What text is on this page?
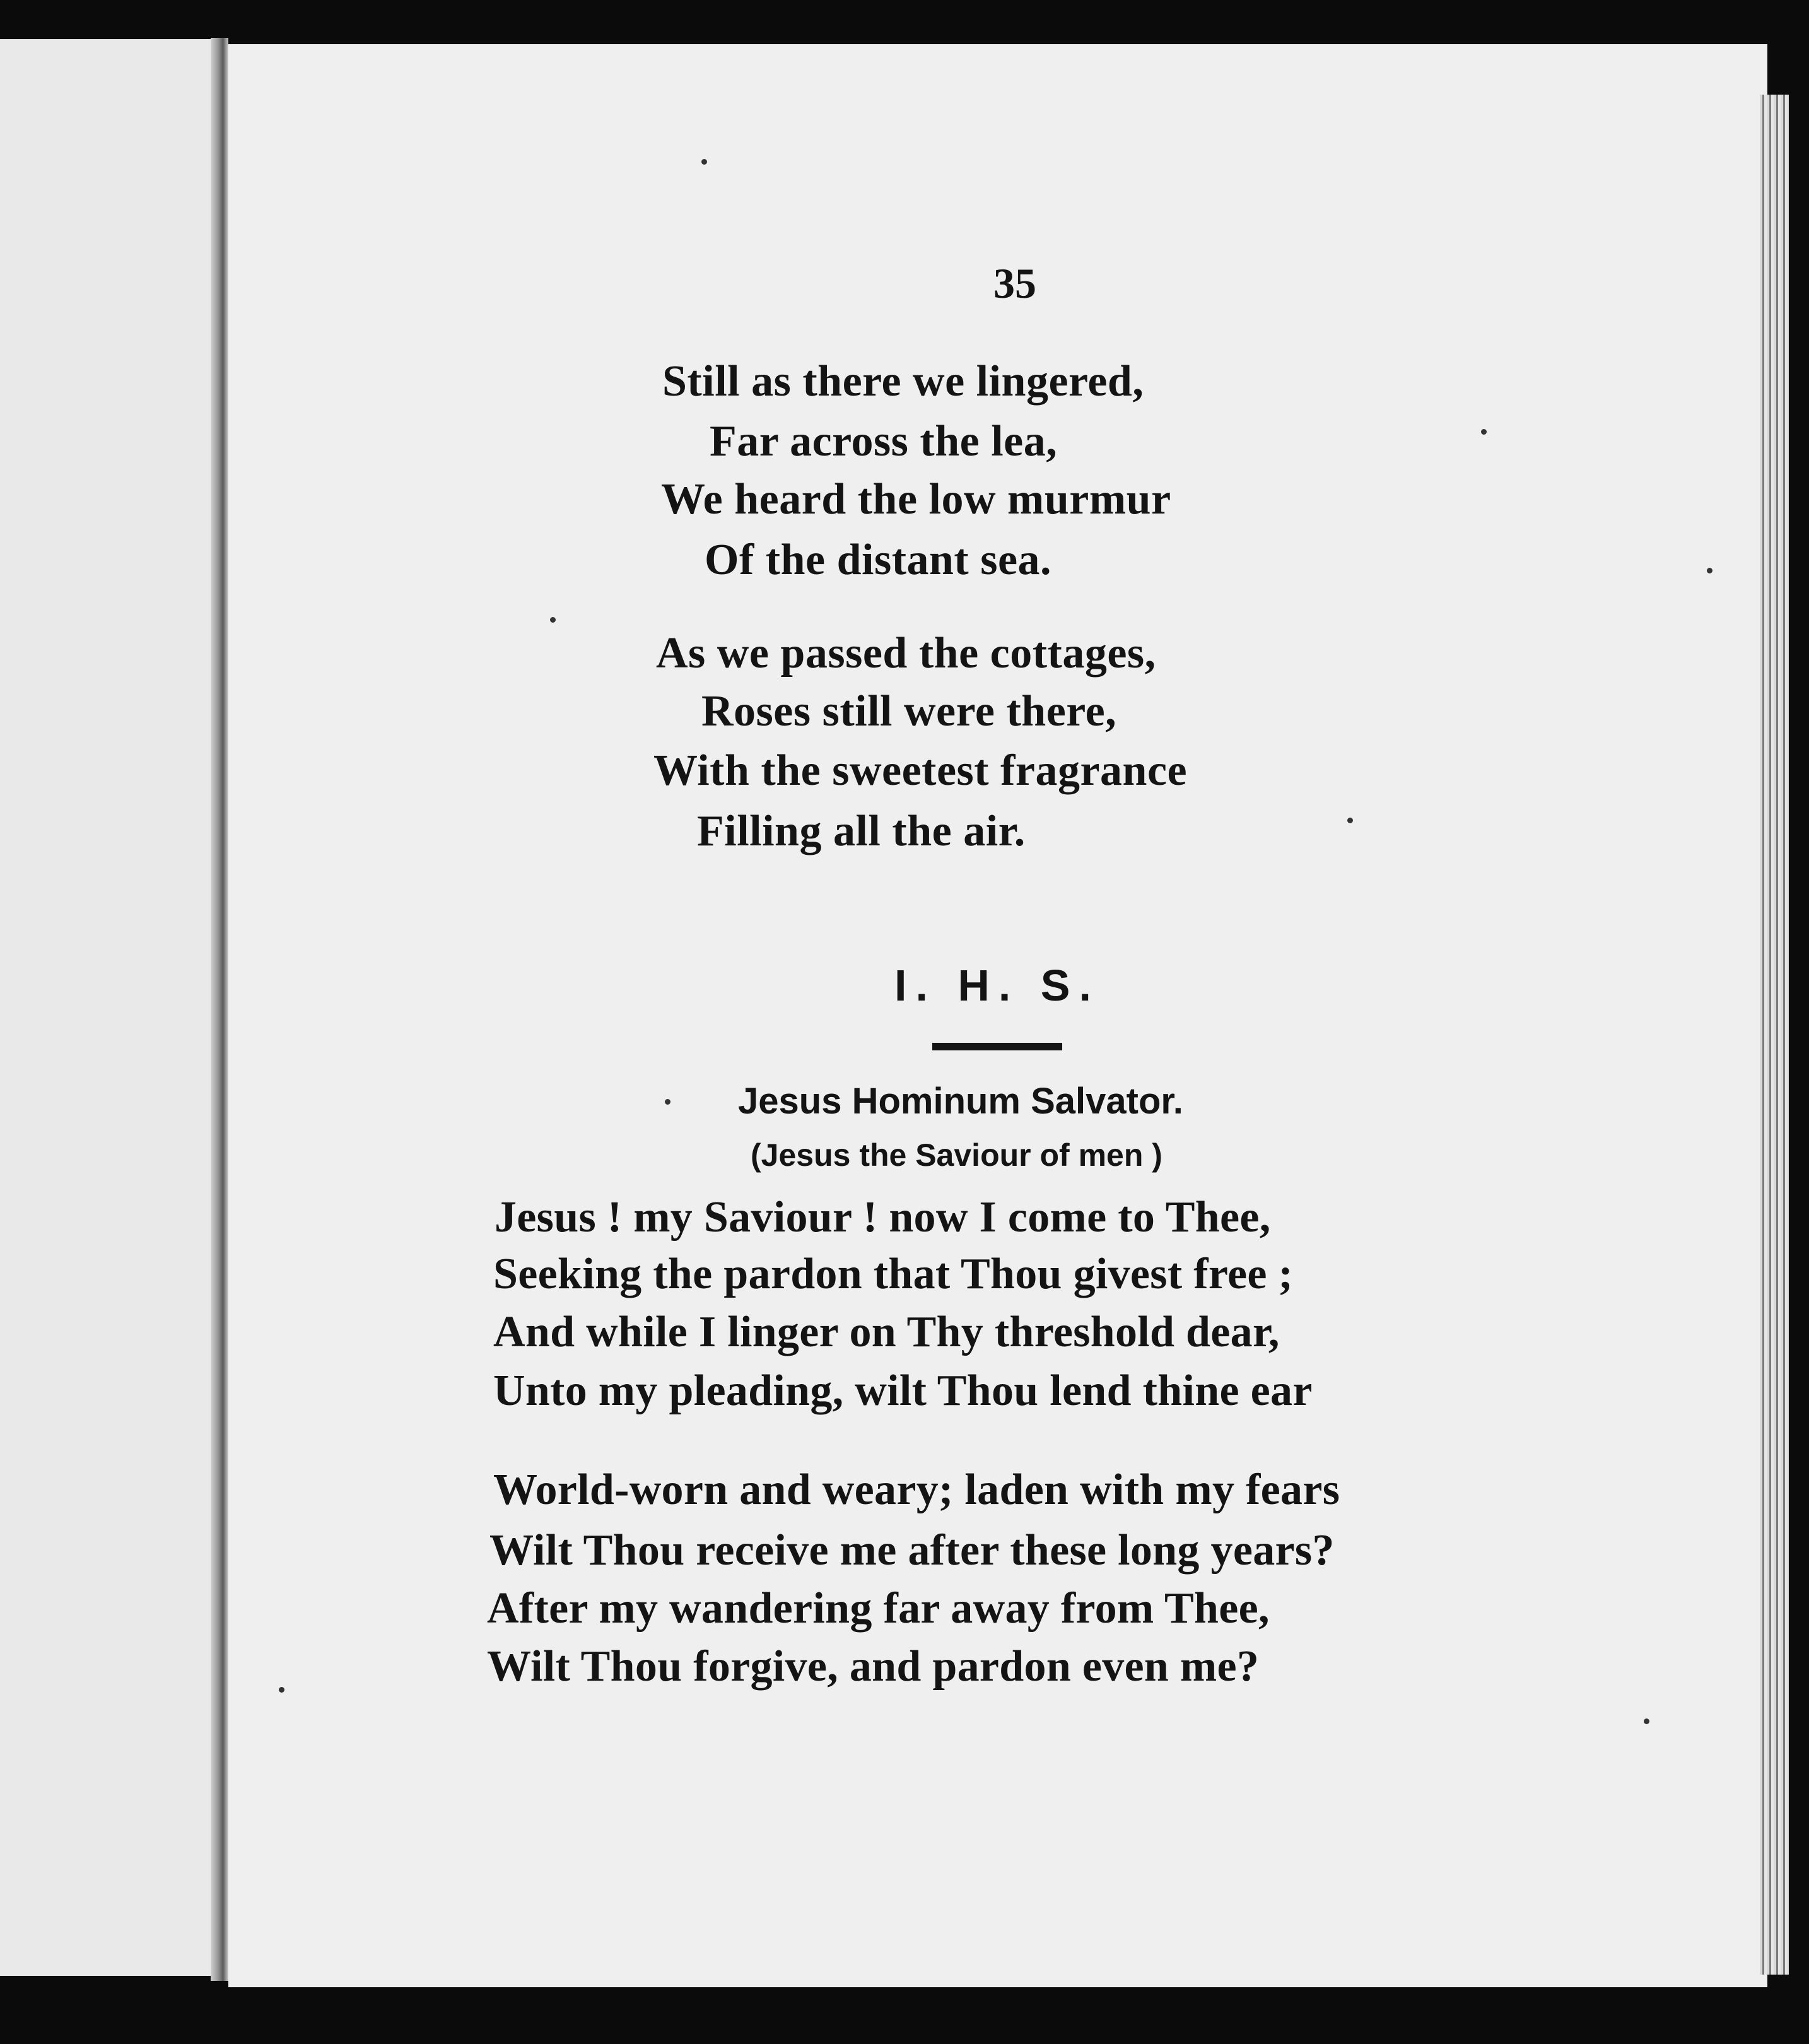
35
Still as there we lingered,
Far across the lea,
We heard the low murmur
Of the distant sea.
As we passed the cottages,
Roses still were there,
With the sweetest fragrance
Filling all the air.
I. H. S.
Jesus Hominum Salvator.
(Jesus the Saviour of men )
Jesus ! my Saviour ! now I come to Thee,
Seeking the pardon that Thou givest free ;
And while I linger on Thy threshold dear,
Unto my pleading, wilt Thou lend thine ear
World-worn and weary; laden with my fears
Wilt Thou receive me after these long years?
After my wandering far away from Thee,
Wilt Thou forgive, and pardon even me?
